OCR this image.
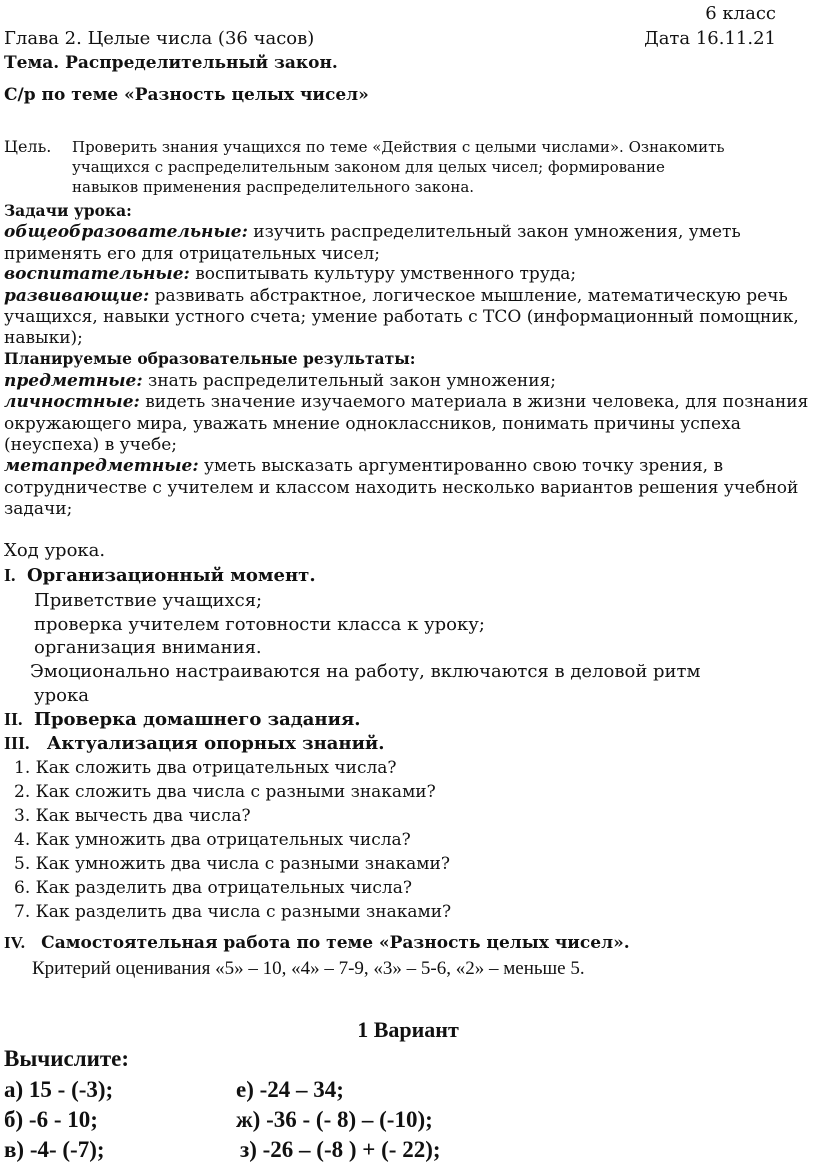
6 класс
Глава 2. Целые числа (36 часов)	Дата 16.11.21
Тема. Распределительный закон.
С/р по теме «Разность целых чисел»
Цель. Проверить знания учащихся по теме «Действия с целыми числами». Ознакомить
учащихся с распределительным законом для целых чисел; формирование
навыков применения распределительного закона.
Задачи урока:
общеобразовательные: изучить распределительный закон умножения, уметь
применять его для отрицательных чисел;
воспитательные: воспитывать культуру умственного труда;
развивающие: развивать абстрактное, логическое мышление, математическую речь
учащихся, навыки устного счета; умение работать с ТСО (информационный помощник,
навыки);
Планируемые образовательные результаты:
предметные: знать распределительный закон умножения;
личностные: видеть значение изучаемого материала в жизни человека, для познания
окружающего мира, уважать мнение одноклассников, понимать причины успеха
(неуспеха) в учебе;
метапредметные: уметь высказать аргументированно свою точку зрения, в
сотрудничестве с учителем и классом находить несколько вариантов решения учебной
задачи;
Ход урока.
I. Организационный момент.
Приветствие учащихся;
проверка учителем готовности класса к уроку;
организация внимания.
Эмоционально настраиваются на работу, включаются в деловой ритм
урока
II. Проверка домашнего задания.
III. Актуализация опорных знаний.
1. Как сложить два отрицательных числа?
2. Как сложить два числа с разными знаками?
3. Как вычесть два числа?
4. Как умножить два отрицательных числа?
5. Как умножить два числа с разными знаками?
6. Как разделить два отрицательных числа?
7. Как разделить два числа с разными знаками?
IV. Самостоятельная работа по теме «Разность целых чисел».
Критерий оценивания «5» – 10, «4» – 7-9, «3» – 5-6, «2» – меньше 5.
1 Вариант
Вычислите:
а) 15 - (-3);	е) -24 – 34;
б) -6 - 10;	ж) -36 - (- 8) – (-10);
в) -4- (-7);	з) -26 – (-8 ) + (- 22);
